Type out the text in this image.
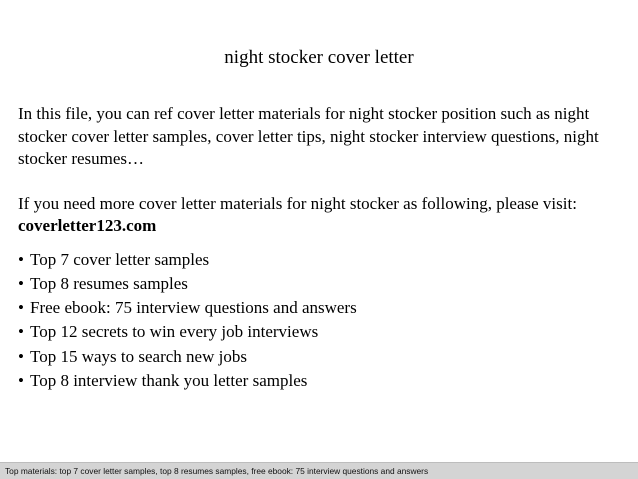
night stocker cover letter

In this file, you can ref cover letter materials for night stocker position such as night stocker cover letter samples, cover letter tips, night stocker interview questions, night stocker resumes…

If you need more cover letter materials for night stocker as following, please visit:

coverletter123.com
• Top 7 cover letter samples
• Top 8 resumes samples
• Free ebook: 75 interview questions and answers
• Top 12 secrets to win every job interviews
• Top 15 ways to search new jobs
• Top 8 interview thank you letter samples
Top materials: top 7 cover letter samples, top 8 resumes samples, free ebook: 75 interview questions and answers
